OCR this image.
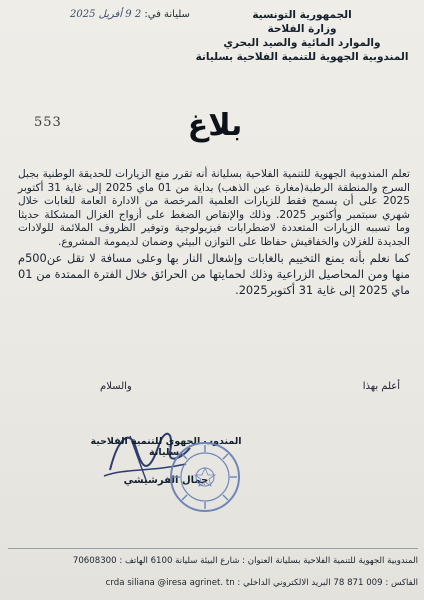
الجمهورية التونسية
وزارة الفلاحة
والموارد المائية والصيد البحري
المندوبية الجهوية للتنمية الفلاحية بسليانة
سليانة في: 2 9 أفريل 2025
553	بلاغ

تعلم المندوبية الجهوية للتنمية الفلاحية بسليانة أنه تقرر منع الزيارات للحديقة الوطنية بجبل السرج والمنطقة الرطبة(مغارة عين الذهب) بداية من 01 ماي 2025 إلى غاية 31 أكتوبر 2025 على أن يسمح فقط للزيارات العلمية المرخصة من الادارة العامة للغابات خلال شهري سبتمبر وأكتوبر 2025. وذلك والإنقاص الضغط على أزواج الغزال المشكلة حديثا وما تسببه الزيارات المتعددة لاضطرابات فيزيولوجية وتوفير الظروف الملائمة للولادات الجديدة للغزلان والخفافيش حفاظا على التوازن البيئي وضمان لديمومة المشروع.

كما نعلم بأنه يمنع التخييم بالغابات وإشعال النار بها وعلى مسافة لا تقل عن500م منها ومن المحاصيل الزراعية وذلك لحمايتها من الحرائق خلال الفترة الممتدة من 01 ماي 2025 إلى غاية 31 أكتوبر2025.

والسلام	أعلم بهذا
المندوب الجهوي للتنمية الفلاحية بسليانة
جمال الفرشيشي
المندوبية الجهوية للتنمية الفلاحية بسليانة العنوان : شارع البيئة سليانة 6100 الهاتف : 70608300
الفاكس : 009 871 78 البريد الالكتروني الداخلي : crda siliana @iresa agrinet. tn
